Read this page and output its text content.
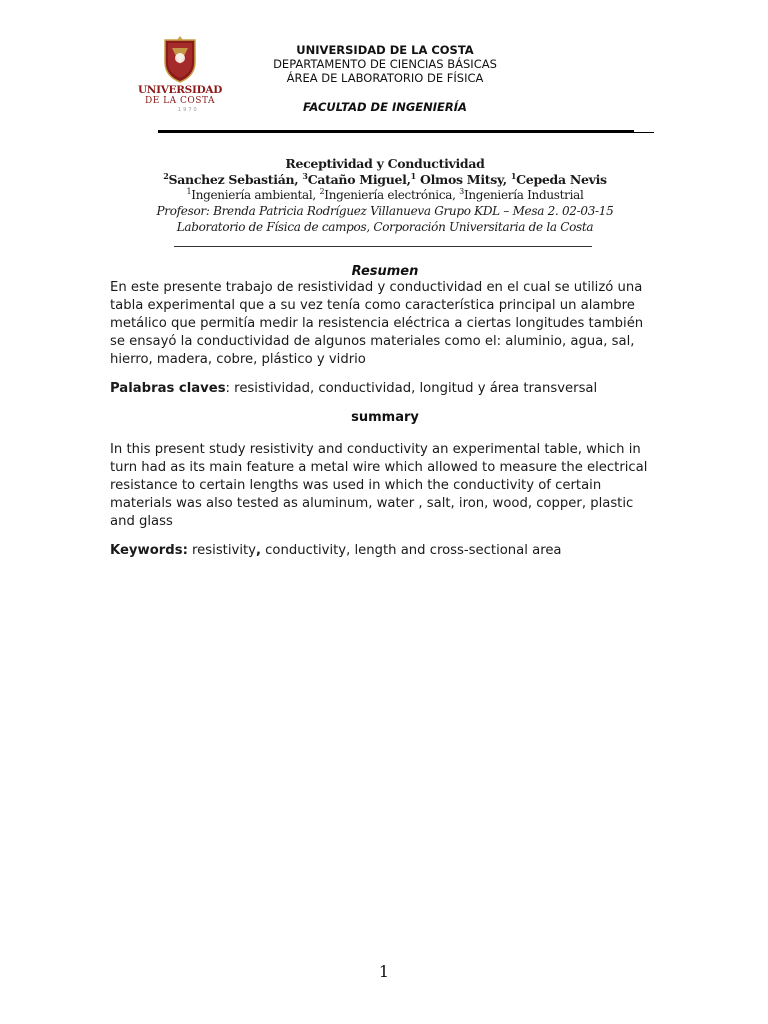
UNIVERSIDAD
DE LA COSTA
1970
UNIVERSIDAD DE LA COSTA
DEPARTAMENTO DE CIENCIAS BÁSICAS
ÁREA DE LABORATORIO DE FÍSICA
FACULTAD DE INGENIERÍA
Receptividad y Conductividad
$^2$Sanchez Sebastián, $^3$Cataño Miguel,$^1$ Olmos Mitsy, $^1$Cepeda Nevis
$^1$Ingeniería ambiental, $^2$Ingeniería electrónica, $^3$Ingeniería Industrial
Profesor: Brenda Patricia Rodríguez Villanueva Grupo KDL – Mesa 2. 02-03-15
Laboratorio de Física de campos, Corporación Universitaria de la Costa
Resumen

En este presente trabajo de resistividad y conductividad en el cual se utilizó una tabla experimental que a su vez tenía como característica principal un alambre metálico que permitía medir la resistencia eléctrica a ciertas longitudes también se ensayó la conductividad de algunos materiales como el: aluminio, agua, sal, hierro, madera, cobre, plástico y vidrio

Palabras claves: resistividad, conductividad, longitud y área transversal
summary

In this present study resistivity and conductivity an experimental table, which in turn had as its main feature a metal wire which allowed to measure the electrical resistance to certain lengths was used in which the conductivity of certain materials was also tested as aluminum, water , salt, iron, wood, copper, plastic and glass

Keywords: resistivity, conductivity, length and cross-sectional area
1
